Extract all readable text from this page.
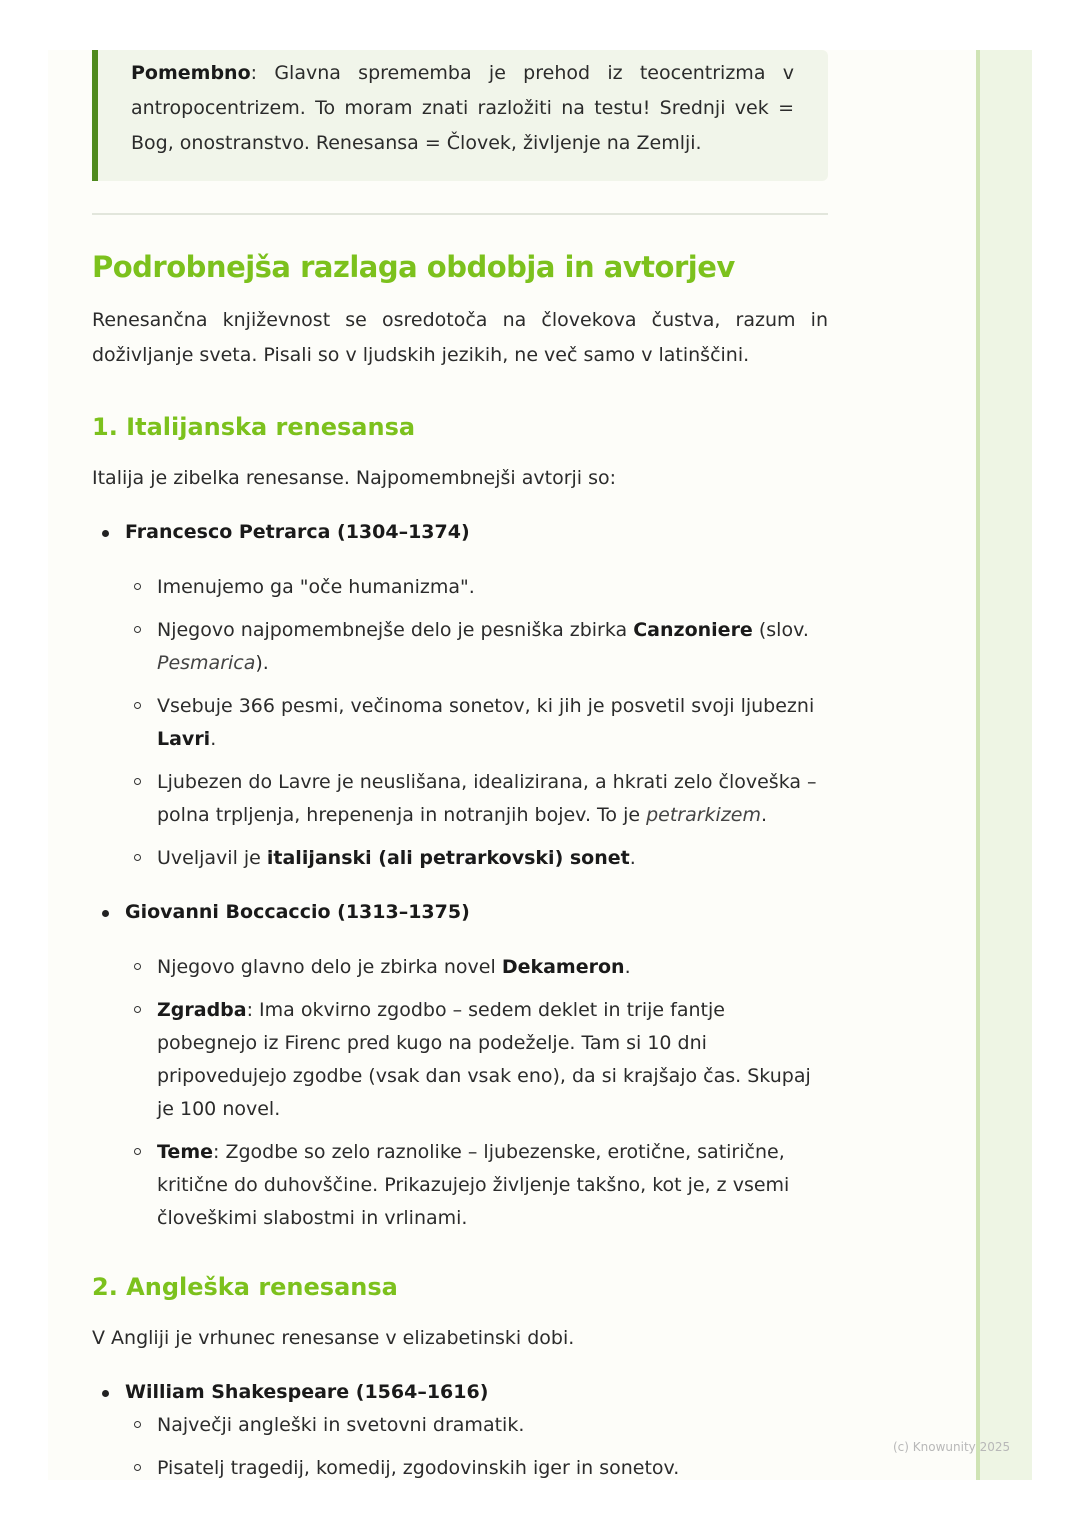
Pomembno: Glavna sprememba je prehod iz teocentrizma v antropocentrizem. To moram znati razložiti na testu! Srednji vek = Bog, onostranstvo. Renesansa = Človek, življenje na Zemlji.
Podrobnejša razlaga obdobja in avtorjev

Renesančna književnost se osredotoča na človekova čustva, razum in doživljanje sveta. Pisali so v ljudskih jezikih, ne več samo v latinščini.

1. Italijanska renesansa

Italija je zibelka renesanse. Najpomembnejši avtorji so:

Francesco Petrarca (1304–1374)
Imenujemo ga "oče humanizma".
Njegovo najpomembnejše delo je pesniška zbirka Canzoniere (slov. Pesmarica).
Vsebuje 366 pesmi, večinoma sonetov, ki jih je posvetil svoji ljubezni Lavri.
Ljubezen do Lavre je neuslišana, idealizirana, a hkrati zelo človeška – polna trpljenja, hrepenenja in notranjih bojev. To je petrarkizem.
Uveljavil je italijanski (ali petrarkovski) sonet.
Giovanni Boccaccio (1313–1375)
Njegovo glavno delo je zbirka novel Dekameron.
Zgradba: Ima okvirno zgodbo – sedem deklet in trije fantje pobegnejo iz Firenc pred kugo na podeželje. Tam si 10 dni pripovedujejo zgodbe (vsak dan vsak eno), da si krajšajo čas. Skupaj je 100 novel.
Teme: Zgodbe so zelo raznolike – ljubezenske, erotične, satirične, kritične do duhovščine. Prikazujejo življenje takšno, kot je, z vsemi človeškimi slabostmi in vrlinami.
2. Angleška renesansa

V Angliji je vrhunec renesanse v elizabetinski dobi.

William Shakespeare (1564–1616)
Največji angleški in svetovni dramatik.
Pisatelj tragedij, komedij, zgodovinskih iger in sonetov.
(c) Knowunity 2025
